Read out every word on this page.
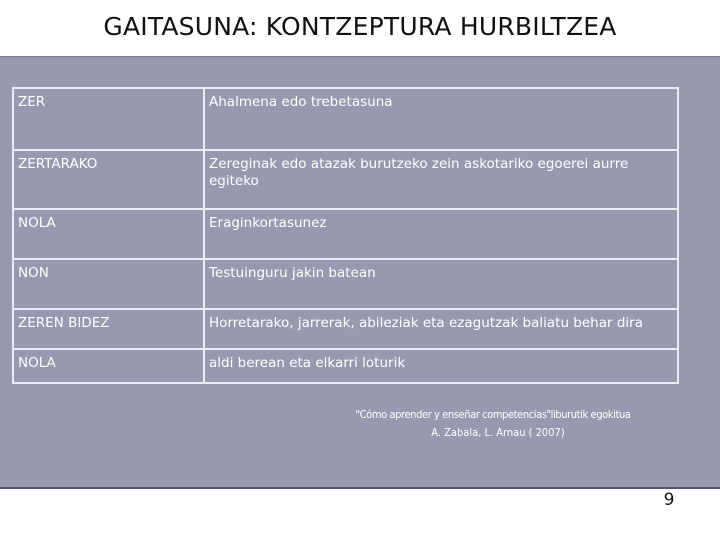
GAITASUNA: KONTZEPTURA HURBILTZEA
ZER	Ahalmena edo trebetasuna
ZERTARAKO	Zereginak edo atazak burutzeko zein askotariko egoerei aurre egiteko
NOLA	Eraginkortasunez
NON	Testuinguru jakin batean
ZEREN BIDEZ	Horretarako, jarrerak, abileziak eta ezagutzak baliatu behar dira
NOLA	aldi berean eta elkarri loturik
"Cómo aprender y enseñar competencias"liburutik egokitua
A. Zabala, L. Arnau ( 2007)
9
